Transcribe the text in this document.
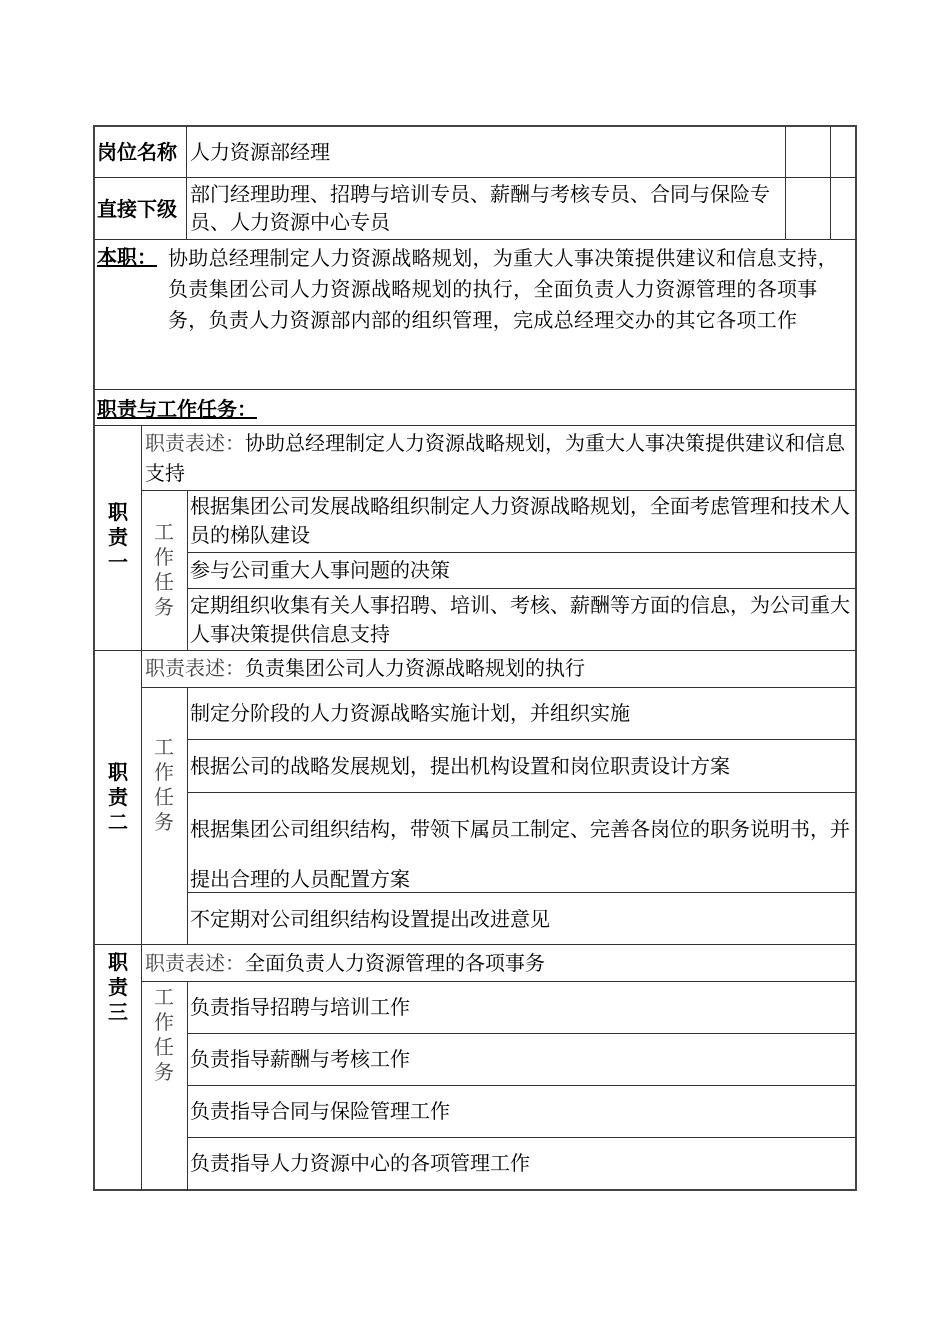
岗位名称 人力资源部经理
直接下级
部门经理助理、招聘与培训专员、薪酬与考核专员、合同与保险专员、人力资源中心专员
本职： 协助总经理制定人力资源战略规划，为重大人事决策提供建议和信息支持，负责集团公司人力资源战略规划的执行，全面负责人力资源管理的各项事务，负责人力资源部内部的组织管理，完成总经理交办的其它各项工作
职责与工作任务：
职
责
一
职责表述：协助总经理制定人力资源战略规划，为重大人事决策提供建议和信息支持
工
作
任
务
根据集团公司发展战略组织制定人力资源战略规划，全面考虑管理和技术人员的梯队建设
参与公司重大人事问题的决策
定期组织收集有关人事招聘、培训、考核、薪酬等方面的信息，为公司重大人事决策提供信息支持
职
责
二
职责表述：负责集团公司人力资源战略规划的执行
工
作
任
务
制定分阶段的人力资源战略实施计划，并组织实施
根据公司的战略发展规划，提出机构设置和岗位职责设计方案
根据集团公司组织结构，带领下属员工制定、完善各岗位的职务说明书，并提出合理的人员配置方案
不定期对公司组织结构设置提出改进意见
职
责
三
职责表述：全面负责人力资源管理的各项事务
工
作
任
务
负责指导招聘与培训工作
负责指导薪酬与考核工作
负责指导合同与保险管理工作
负责指导人力资源中心的各项管理工作
